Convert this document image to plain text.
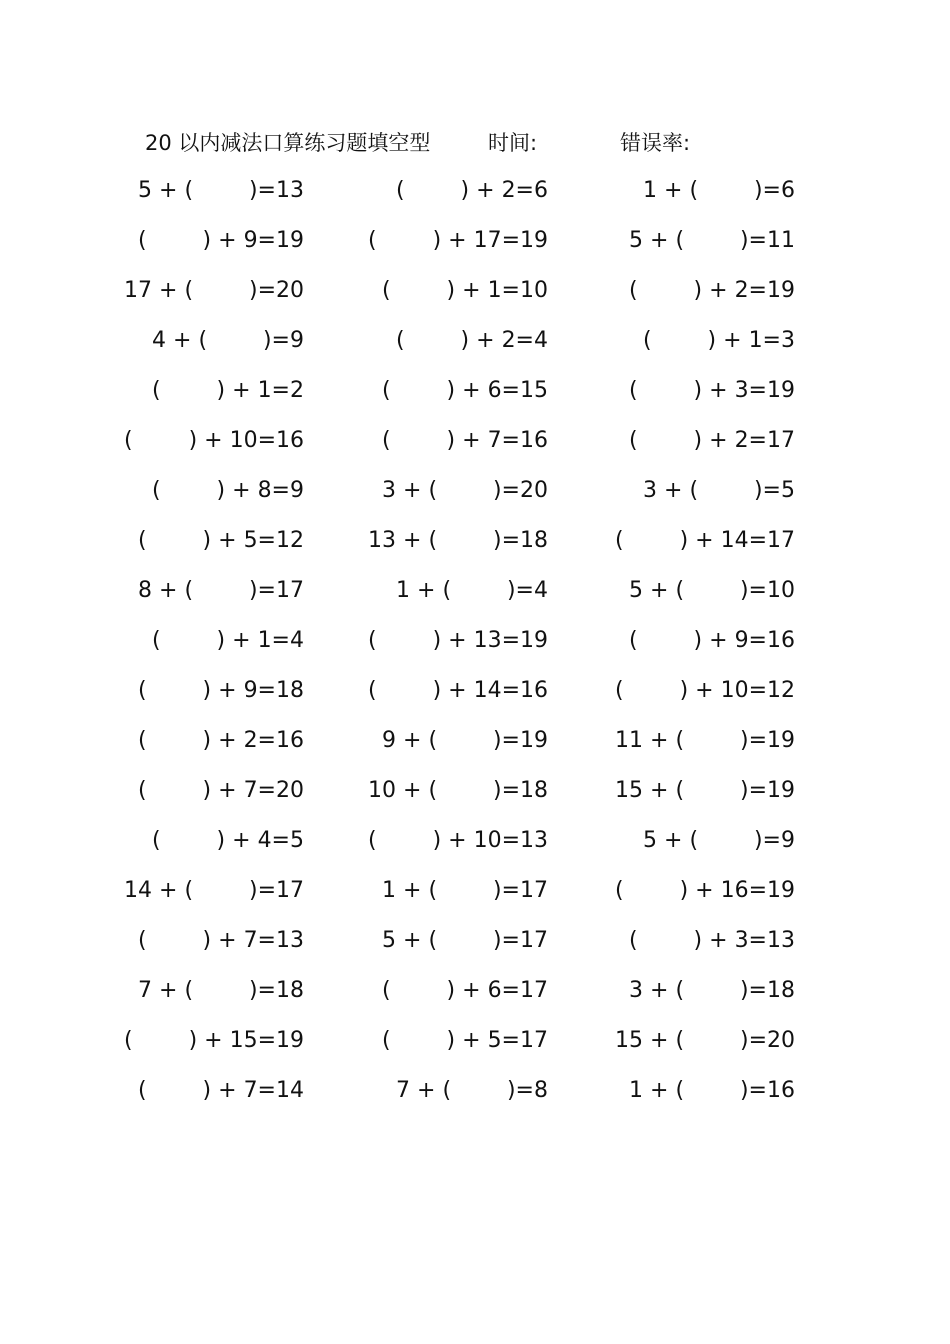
20 以内减法口算练习题填空型	时间:	错误率:
5 + (        )=13	(        ) + 2=6	1 + (        )=6
(        ) + 9=19	(        ) + 17=19	5 + (        )=11
17 + (        )=20	(        ) + 1=10	(        ) + 2=19
4 + (        )=9	(        ) + 2=4	(        ) + 1=3
(        ) + 1=2	(        ) + 6=15	(        ) + 3=19
(        ) + 10=16	(        ) + 7=16	(        ) + 2=17
(        ) + 8=9	3 + (        )=20	3 + (        )=5
(        ) + 5=12	13 + (        )=18	(        ) + 14=17
8 + (        )=17	1 + (        )=4	5 + (        )=10
(        ) + 1=4	(        ) + 13=19	(        ) + 9=16
(        ) + 9=18	(        ) + 14=16	(        ) + 10=12
(        ) + 2=16	9 + (        )=19	11 + (        )=19
(        ) + 7=20	10 + (        )=18	15 + (        )=19
(        ) + 4=5	(        ) + 10=13	5 + (        )=9
14 + (        )=17	1 + (        )=17	(        ) + 16=19
(        ) + 7=13	5 + (        )=17	(        ) + 3=13
7 + (        )=18	(        ) + 6=17	3 + (        )=18
(        ) + 15=19	(        ) + 5=17	15 + (        )=20
(        ) + 7=14	7 + (        )=8	1 + (        )=16
